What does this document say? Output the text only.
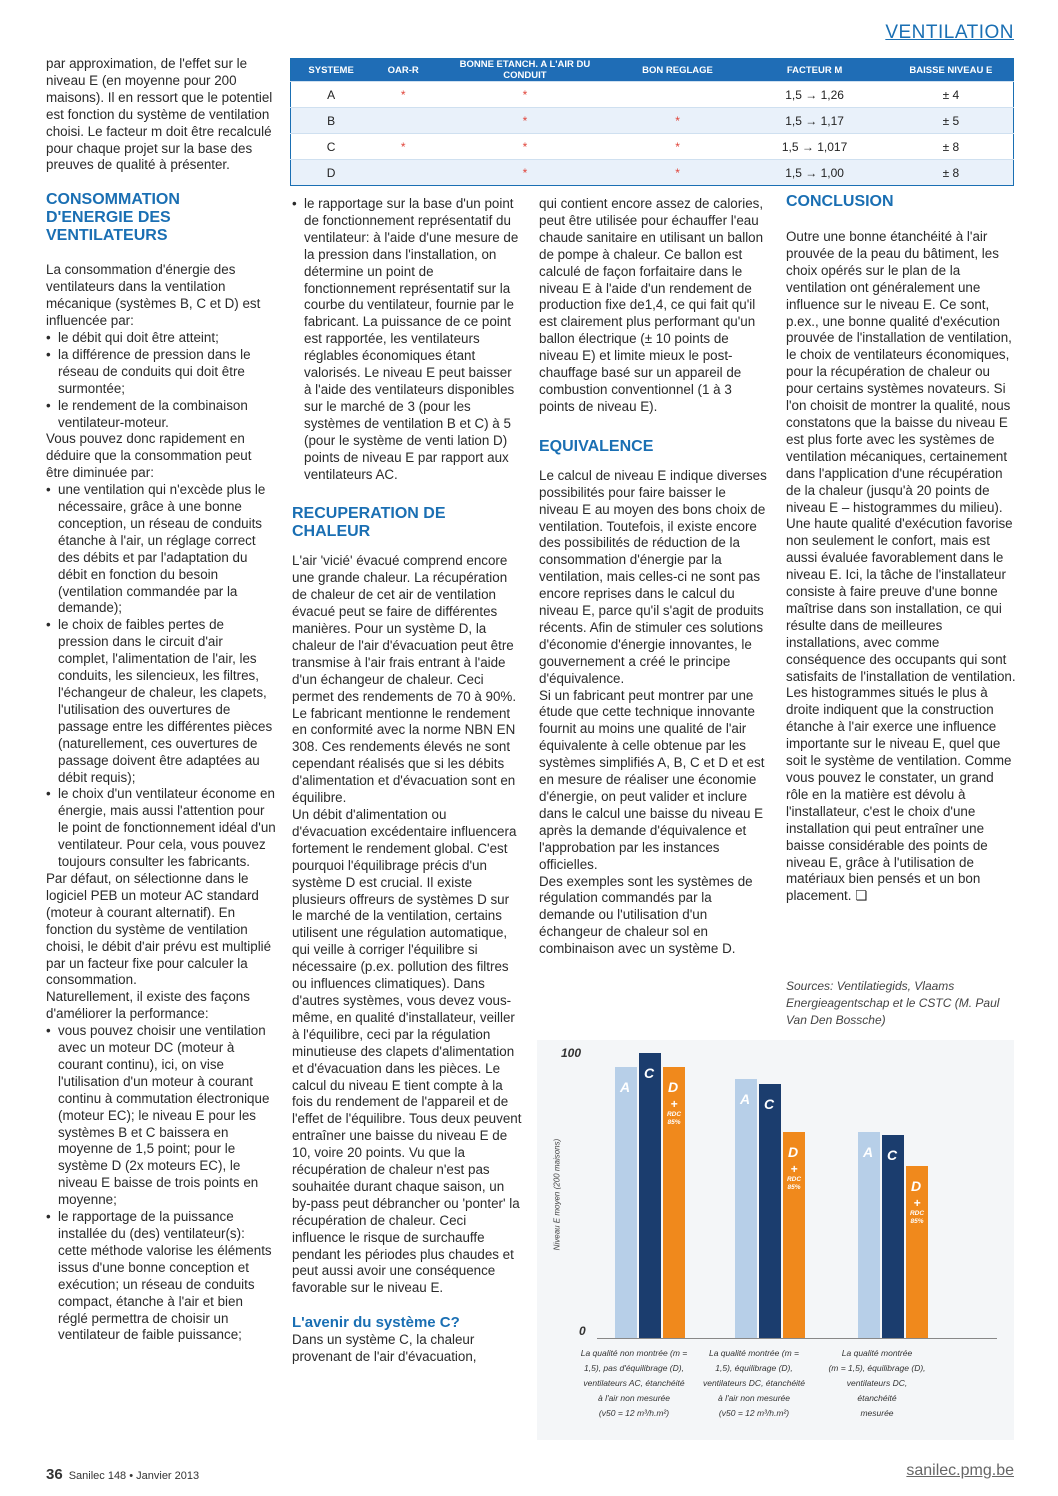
VENTILATION
SYSTEME	OAR-R	BONNE ETANCH. A L'AIR DU CONDUIT	BON REGLAGE	FACTEUR M	BAISSE NIVEAU E
A	*	*		1,5 → 1,26	± 4
B		*	*	1,5 → 1,17	± 5
C	*	*	*	1,5 → 1,017	± 8
D		*	*	1,5 → 1,00	± 8

par approximation, de l'effet sur le niveau E (en moyenne pour 200 maisons). Il en ressort que le potentiel est fonction du système de ventilation choisi. Le facteur m doit être recalculé pour chaque projet sur la base des preuves de qualité à présenter.

CONSOMMATION D'ENERGIE DES VENTILATEURS

La consommation d'énergie des ventilateurs dans la ventilation mécanique (systèmes B, C et D) est influencée par:

• le débit qui doit être atteint;

• la différence de pression dans le réseau de conduits qui doit être surmontée;

• le rendement de la combinaison ventilateur-moteur.

Vous pouvez donc rapidement en déduire que la consommation peut être diminuée par:

• une ventilation qui n'excède plus le nécessaire, grâce à une bonne conception, un réseau de conduits étanche à l'air, un réglage correct des débits et par l'adaptation du débit en fonction du besoin (ventilation commandée par la demande);

• le choix de faibles pertes de pression dans le circuit d'air complet, l'alimentation de l'air, les conduits, les silencieux, les filtres, l'échangeur de chaleur, les clapets, l'utilisation des ouvertures de passage entre les différentes pièces (naturellement, ces ouvertures de passage doivent être adaptées au débit requis);

• le choix d'un ventilateur économe en énergie, mais aussi l'attention pour le point de fonctionnement idéal d'un ventilateur. Pour cela, vous pouvez toujours consulter les fabricants.

Par défaut, on sélectionne dans le logiciel PEB un moteur AC standard (moteur à courant alternatif). En fonction du système de ventilation choisi, le débit d'air prévu est multiplié par un facteur fixe pour calculer la consommation.

Naturellement, il existe des façons d'améliorer la performance:

• vous pouvez choisir une ventilation avec un moteur DC (moteur à courant continu), ici, on vise l'utilisation d'un moteur à courant continu à commutation électronique (moteur EC); le niveau E pour les systèmes B et C baissera en moyenne de 1,5 point; pour le système D (2x moteurs EC), le niveau E baisse de trois points en moyenne;

• le rapportage de la puissance installée du (des) ventilateur(s): cette méthode valorise les éléments issus d'une bonne conception et exécution; un réseau de conduits compact, étanche à l'air et bien réglé permettra de choisir un ventilateur de faible puissance;

• le rapportage sur la base d'un point de fonctionnement représentatif du ventilateur: à l'aide d'une mesure de la pression dans l'installation, on détermine un point de fonctionnement représentatif sur la courbe du ventilateur, fournie par le fabricant. La puissance de ce point est rapportée, les ventilateurs réglables économiques étant valorisés. Le niveau E peut baisser à l'aide des ventilateurs disponibles sur le marché de 3 (pour les systèmes de ventilation B et C) à 5 (pour le système de venti lation D) points de niveau E par rapport aux ventilateurs AC.

RECUPERATION DE CHALEUR

L'air 'vicié' évacué comprend encore une grande chaleur. La récupération de chaleur de cet air de ventilation évacué peut se faire de différentes manières. Pour un système D, la chaleur de l'air d'évacuation peut être transmise à l'air frais entrant à l'aide d'un échangeur de chaleur. Ceci permet des rendements de 70 à 90%.

Le fabricant mentionne le rendement en conformité avec la norme NBN EN 308. Ces rendements élevés ne sont cependant réalisés que si les débits d'alimentation et d'évacuation sont en équilibre.

Un débit d'alimentation ou d'évacuation excédentaire influencera fortement le rendement global. C'est pourquoi l'équilibrage précis d'un système D est crucial. Il existe plusieurs offreurs de systèmes D sur le marché de la ventilation, certains utilisent une régulation automatique, qui veille à corriger l'équilibre si nécessaire (p.ex. pollution des filtres ou influences climatiques). Dans d'autres systèmes, vous devez vous-même, en qualité d'installateur, veiller à l'équilibre, ceci par la régulation minutieuse des clapets d'alimentation et d'évacuation dans les pièces. Le calcul du niveau E tient compte à la fois du rendement de l'appareil et de l'effet de l'équilibre. Tous deux peuvent entraîner une baisse du niveau E de 10, voire 20 points. Vu que la récupération de chaleur n'est pas souhaitée durant chaque saison, un by-pass peut débrancher ou 'ponter' la récupération de chaleur. Ceci influence le risque de surchauffe pendant les périodes plus chaudes et peut aussi avoir une conséquence favorable sur le niveau E.

L'avenir du système C?

Dans un système C, la chaleur provenant de l'air d'évacuation,

qui contient encore assez de calories, peut être utilisée pour échauffer l'eau chaude sanitaire en utilisant un ballon de pompe à chaleur. Ce ballon est calculé de façon forfaitaire dans le niveau E à l'aide d'un rendement de production fixe de1,4, ce qui fait qu'il est clairement plus performant qu'un ballon électrique (± 10 points de niveau E) et limite mieux le post-chauffage basé sur un appareil de combustion conventionnel (1 à 3 points de niveau E).

EQUIVALENCE

Le calcul de niveau E indique diverses possibilités pour faire baisser le niveau E au moyen des bons choix de ventilation. Toutefois, il existe encore des possibilités de réduction de la consommation d'énergie par la ventilation, mais celles-ci ne sont pas encore reprises dans le calcul du niveau E, parce qu'il s'agit de produits récents. Afin de stimuler ces solutions d'économie d'énergie innovantes, le gouvernement a créé le principe d'équivalence.

Si un fabricant peut montrer par une étude que cette technique innovante fournit au moins une qualité de l'air équivalente à celle obtenue par les systèmes simplifiés A, B, C et D et est en mesure de réaliser une économie d'énergie, on peut valider et inclure dans le calcul une baisse du niveau E après la demande d'équivalence et l'approbation par les instances officielles.

Des exemples sont les systèmes de régulation commandés par la demande ou l'utilisation d'un échangeur de chaleur sol en combinaison avec un système D.

CONCLUSION

Outre une bonne étanchéité à l'air prouvée de la peau du bâtiment, les choix opérés sur le plan de la ventilation ont généralement une influence sur le niveau E. Ce sont, p.ex., une bonne qualité d'exécution prouvée de l'installation de ventilation, le choix de ventilateurs économiques, pour la récupération de chaleur ou pour certains systèmes novateurs. Si l'on choisit de montrer la qualité, nous constatons que la baisse du niveau E est plus forte avec les systèmes de ventilation mécaniques, certainement dans l'application d'une récupération de la chaleur (jusqu'à 20 points de niveau E – histogrammes du milieu). Une haute qualité d'exécution favorise non seulement le confort, mais est aussi évaluée favorablement dans le niveau E. Ici, la tâche de l'installateur consiste à faire preuve d'une bonne maîtrise dans son installation, ce qui résulte dans de meilleures installations, avec comme conséquence des occupants qui sont satisfaits de l'installation de ventilation. Les histogrammes situés le plus à droite indiquent que la construction étanche à l'air exerce une influence importante sur le niveau E, quel que soit le système de ventilation. Comme vous pouvez le constater, un grand rôle en la matière est dévolu à l'installateur, c'est le choix d'une installation qui peut entraîner une baisse considérable des points de niveau E, grâce à l'utilisation de matériaux bien pensés et un bon placement. ❏

Sources: Ventilatiegids, Vlaams Energieagentschap et le CSTC (M. Paul Van Den Bossche)
Niveau E moyen (200 maisons)
100
0
A
C
D
+
RDC
85%
La qualité non montrée (m =
1,5), pas d'équilibrage (D),
ventilateurs AC, étanchéité
à l'air non mesurée
(v50 = 12 m³/h.m²)
A C
D
+
RDC
85%
La qualité montrée (m =
1,5), équilibrage (D),
ventilateurs DC, étanchéité
à l'air non mesurée
(v50 = 12 m³/h.m²)
A C
D
+
RDC
85%
La qualité montrée
(m = 1,5), équilibrage (D),
ventilateurs DC,
étanchéité
mesurée
36 Sanilec 148 • Janvier 2013	sanilec.pmg.be
